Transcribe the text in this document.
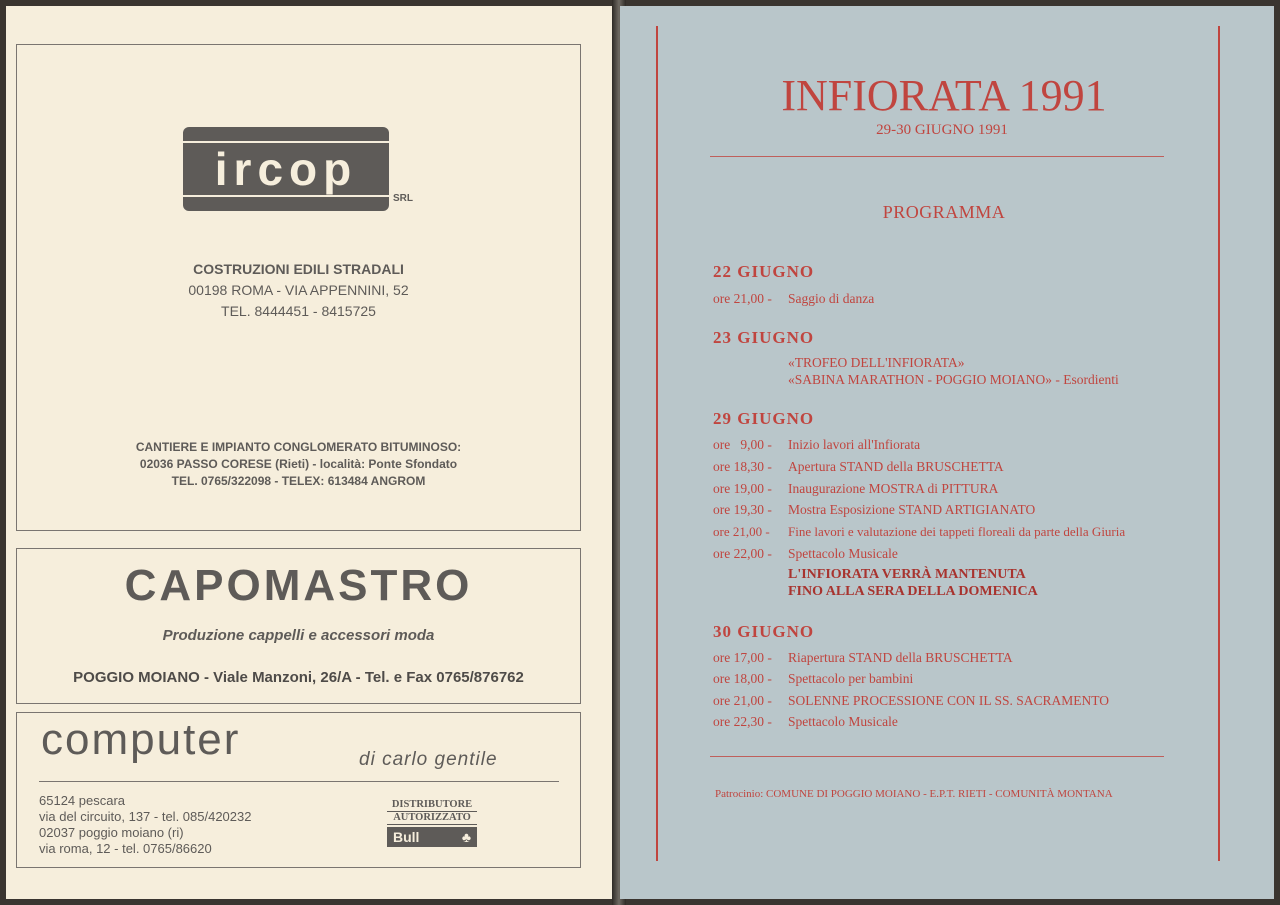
ircop
SRL
COSTRUZIONI EDILI STRADALI
00198 ROMA - VIA APPENNINI, 52
TEL. 8444451 - 8415725
CANTIERE E IMPIANTO CONGLOMERATO BITUMINOSO:
02036 PASSO CORESE (Rieti) - località: Ponte Sfondato
TEL. 0765/322098 - TELEX: 613484 ANGROM
CAPOMASTRO
Produzione cappelli e accessori moda
POGGIO MOIANO - Viale Manzoni, 26/A - Tel. e Fax 0765/876762
computer	di carlo gentile
65124 pescara
via del circuito, 137 - tel. 085/420232
02037 poggio moiano (ri)
via roma, 12 - tel. 0765/86620
DISTRIBUTORE
AUTORIZZATO
Bull	♣
INFIORATA 1991
29-30 GIUGNO 1991
PROGRAMMA
22 GIUGNO
ore 21,00 - Saggio di danza
23 GIUGNO
«TROFEO DELL'INFIORATA»
«SABINA MARATHON - POGGIO MOIANO» - Esordienti
29 GIUGNO
ore   9,00 - Inizio lavori all'Infiorata
ore 18,30 - Apertura STAND della BRUSCHETTA
ore 19,00 - Inaugurazione MOSTRA di PITTURA
ore 19,30 - Mostra Esposizione STAND ARTIGIANATO
ore 21,00 - Fine lavori e valutazione dei tappeti floreali da parte della Giuria
ore 22,00 - Spettacolo Musicale
L'INFIORATA VERRÀ MANTENUTA
FINO ALLA SERA DELLA DOMENICA
30 GIUGNO
ore 17,00 - Riapertura STAND della BRUSCHETTA
ore 18,00 - Spettacolo per bambini
ore 21,00 - SOLENNE PROCESSIONE CON IL SS. SACRAMENTO
ore 22,30 - Spettacolo Musicale
Patrocinio: COMUNE DI POGGIO MOIANO - E.P.T. RIETI - COMUNITÀ MONTANA
